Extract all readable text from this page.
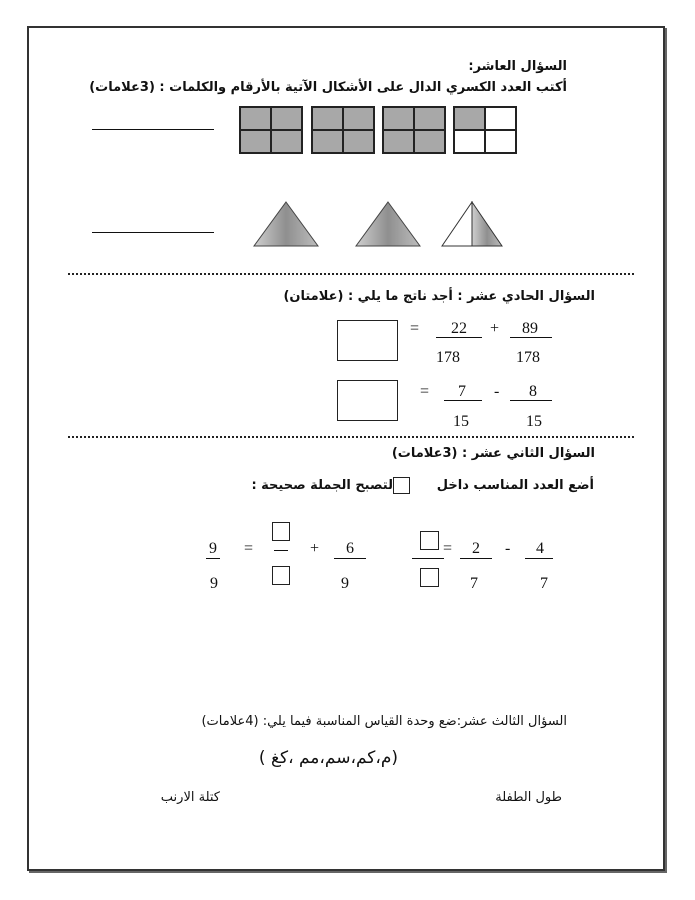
السؤال العاشر:
أكتب العدد الكسري الدال على الأشكال الآتية بالأرقام والكلمات : (3علامات)
السؤال الحادي عشر : أجد ناتج ما يلي : (علامتان)
89
178
+
22
178
=
8
15
-
7
15
=
السؤال الثاني عشر : (3علامات)
أضع العدد المناسب داخل
لتصبح الجملة صحيحة :
4
7
-
2
7
=
6
9
+
=
9
9
السؤال الثالث عشر:ضع وحدة القياس المناسبة فيما يلي: (4علامات)
(م،كم،سم،مم ،كغ )
طول الطفلة
كتلة الارنب
